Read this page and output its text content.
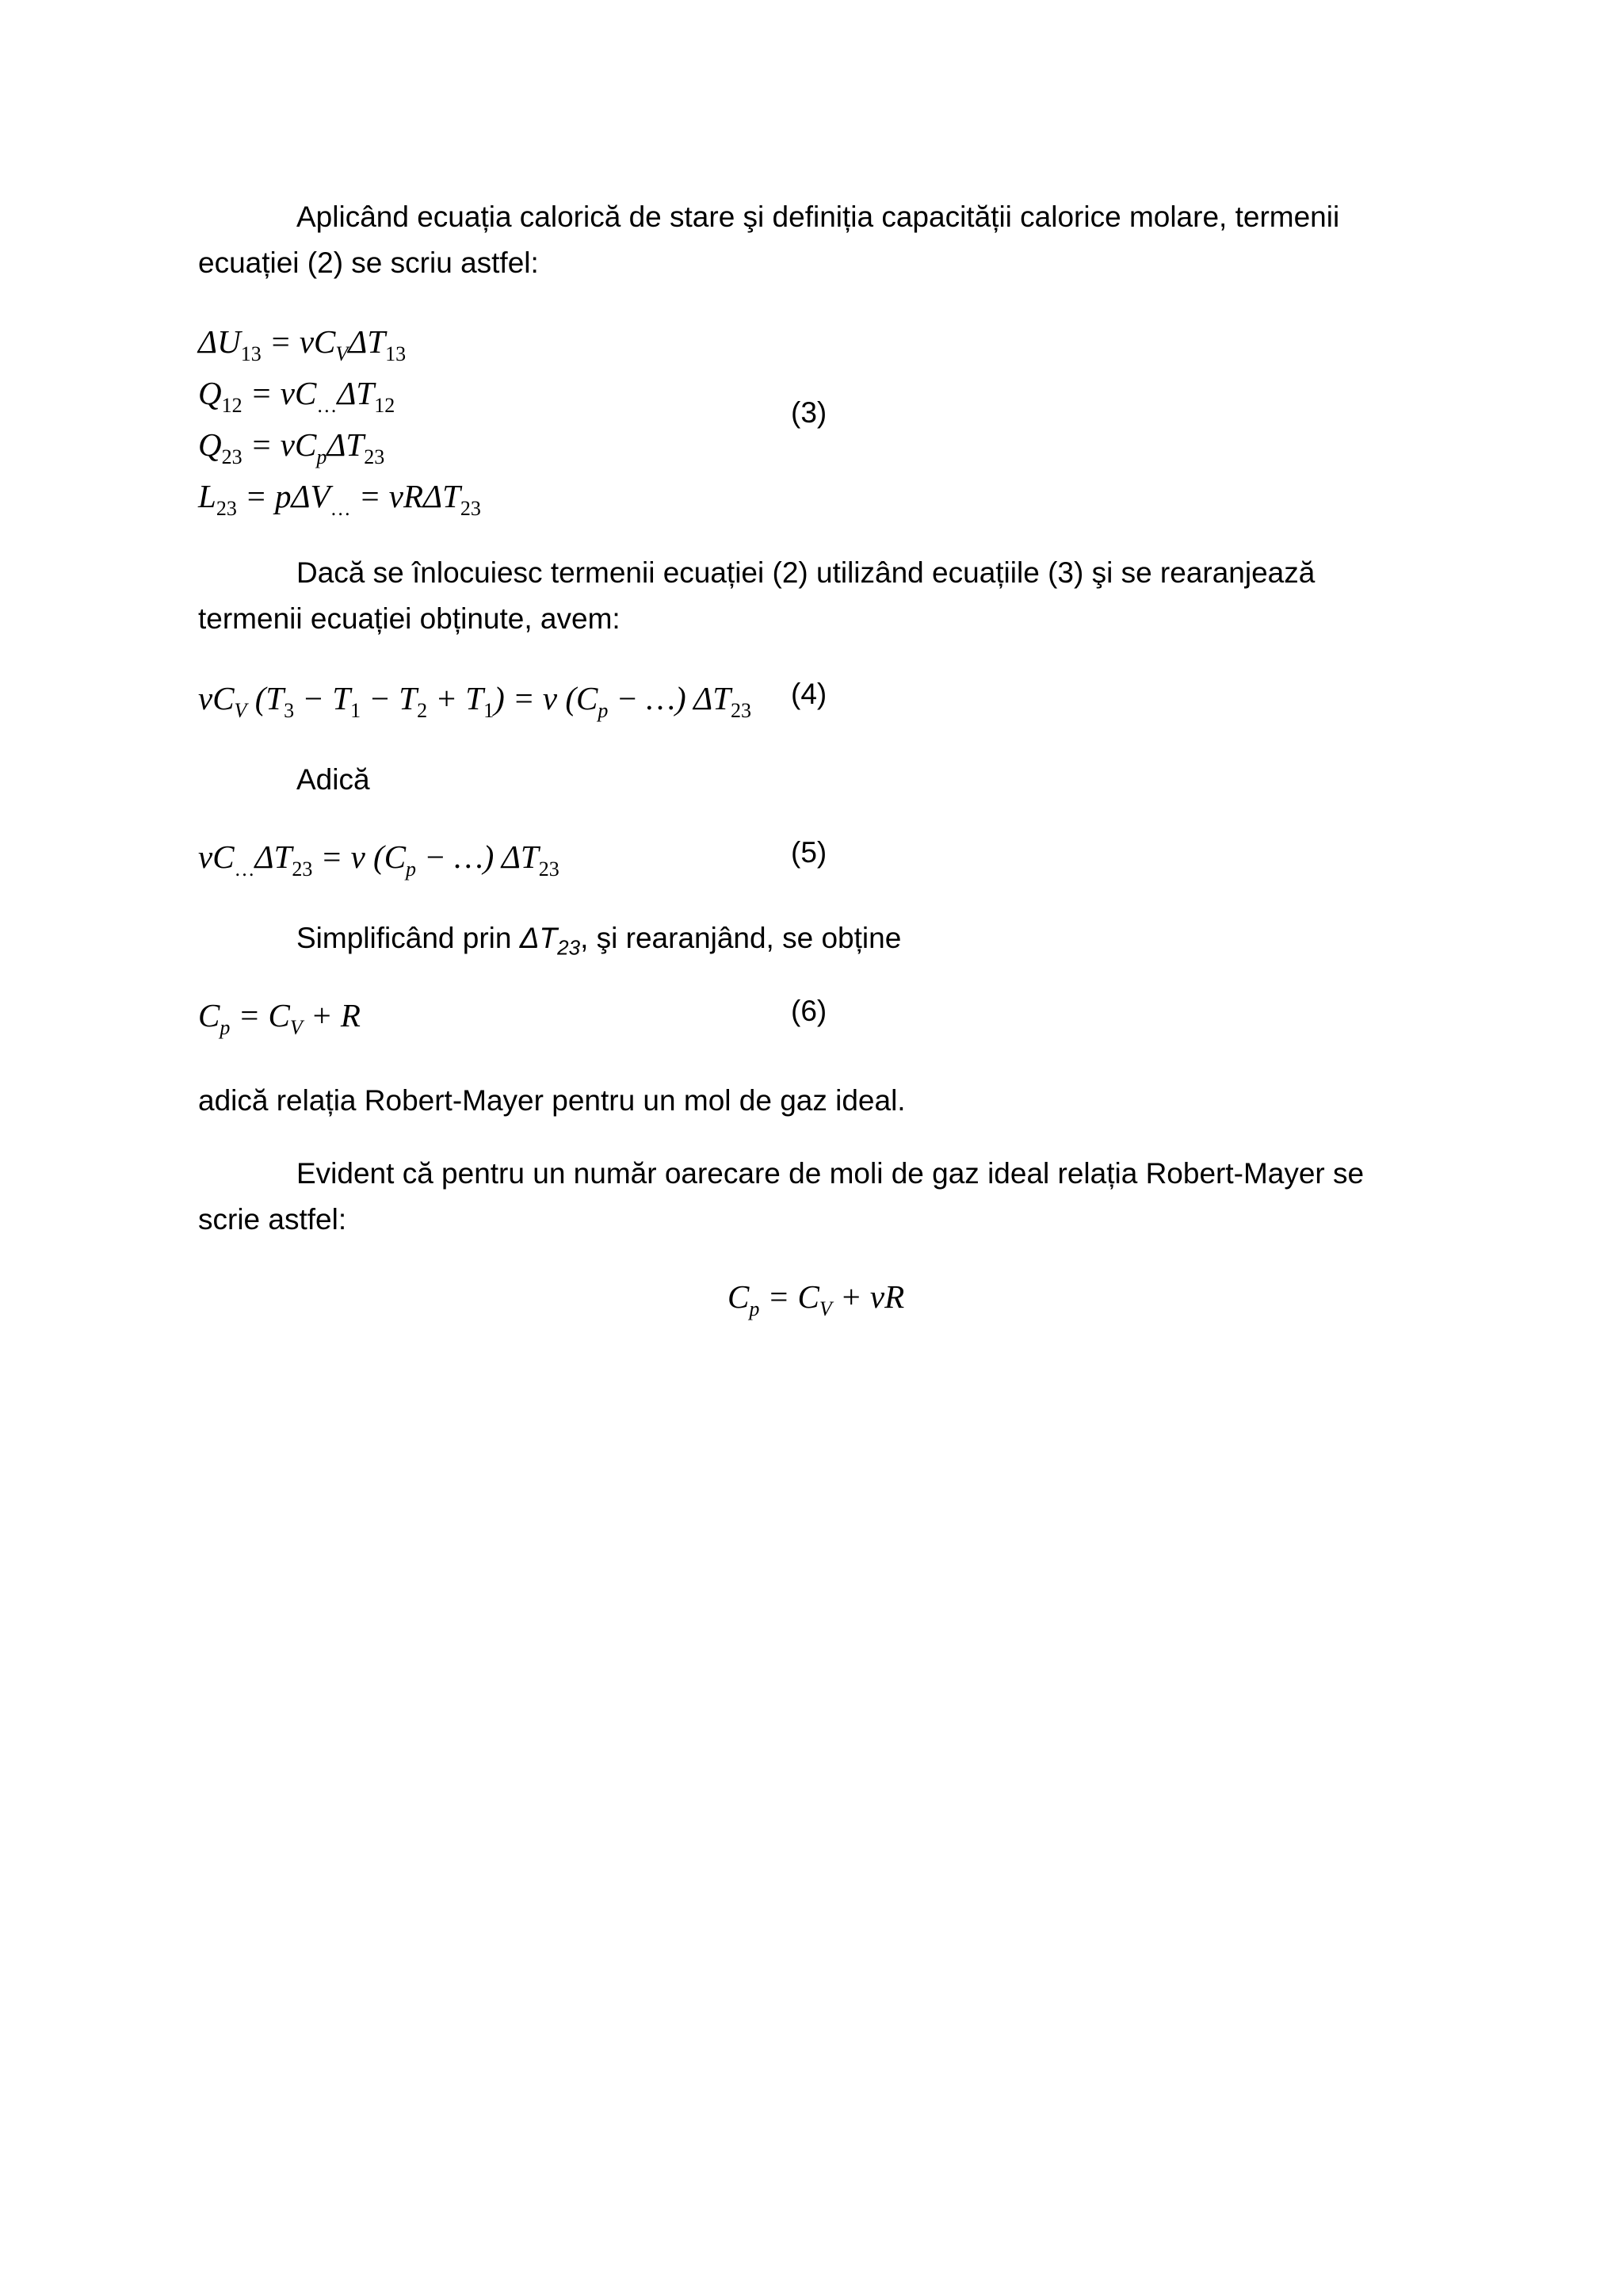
Aplicând ecuația calorică de stare şi definiția capacității calorice molare, termenii ecuației (2) se scriu astfel:

$\Delta U_{13} = \nu C_V\Delta T_{13}$
$Q_{12} = \nu C_\dots\Delta T_{12}$
$Q_{23} = \nu C_p\Delta T_{23}$
$L_{23} = p\Delta V_\dots = \nu R\Delta T_{23}$
(3)

Dacă se înlocuiesc termenii ecuației (2) utilizând ecuațiile (3) şi se rearanjează termenii ecuației obținute, avem:

$\nu C_V$ $(T_3 - T_1 - T_2 + T_1) = \nu$ ($C_p$ − …) $\Delta T_{23}$
(4)

Adică

$\nu C_\dots\Delta T_{23} = \nu$ ($C_p$ − …) $\Delta T_{23}$
(5)

Simplificând prin $\Delta T_{23}$, şi rearanjând, se obține

$C_p = C_V + R$	(6)

adică relația Robert-Mayer pentru un mol de gaz ideal.

Evident că pentru un număr oarecare de moli de gaz ideal relația Robert-Mayer se scrie astfel:

$C_p = C_V + \nu R$
